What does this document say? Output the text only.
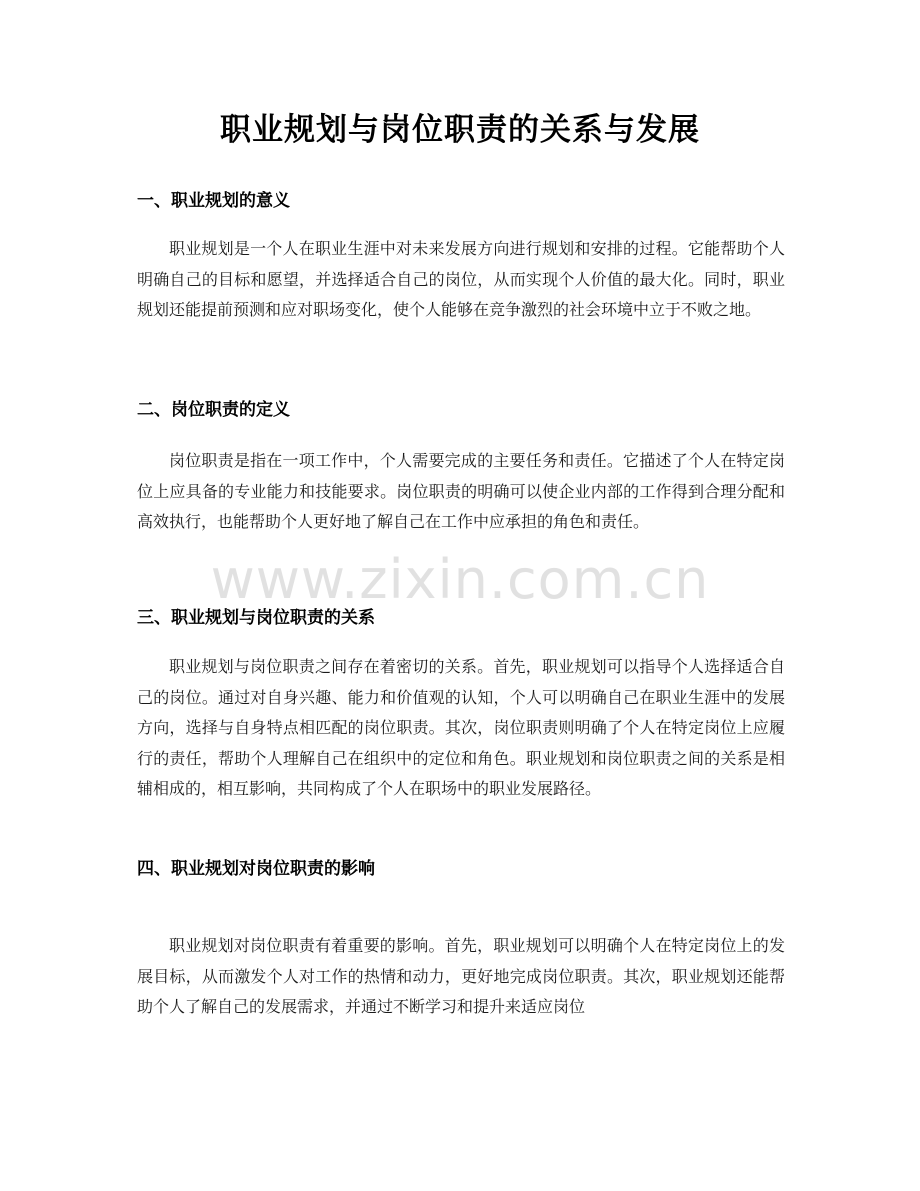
职业规划与岗位职责的关系与发展
一、职业规划的意义
职业规划是一个人在职业生涯中对未来发展方向进行规划和安排的过程。它能帮助个人明确自己的目标和愿望，并选择适合自己的岗位，从而实现个人价值的最大化。同时，职业规划还能提前预测和应对职场变化，使个人能够在竞争激烈的社会环境中立于不败之地。
二、岗位职责的定义
岗位职责是指在一项工作中，个人需要完成的主要任务和责任。它描述了个人在特定岗位上应具备的专业能力和技能要求。岗位职责的明确可以使企业内部的工作得到合理分配和高效执行，也能帮助个人更好地了解自己在工作中应承担的角色和责任。
三、职业规划与岗位职责的关系
职业规划与岗位职责之间存在着密切的关系。首先，职业规划可以指导个人选择适合自己的岗位。通过对自身兴趣、能力和价值观的认知，个人可以明确自己在职业生涯中的发展方向，选择与自身特点相匹配的岗位职责。其次，岗位职责则明确了个人在特定岗位上应履行的责任，帮助个人理解自己在组织中的定位和角色。职业规划和岗位职责之间的关系是相辅相成的，相互影响，共同构成了个人在职场中的职业发展路径。
四、职业规划对岗位职责的影响
职业规划对岗位职责有着重要的影响。首先，职业规划可以明确个人在特定岗位上的发展目标，从而激发个人对工作的热情和动力，更好地完成岗位职责。其次，职业规划还能帮助个人了解自己的发展需求，并通过不断学习和提升来适应岗位
www.zixin.com.cn
